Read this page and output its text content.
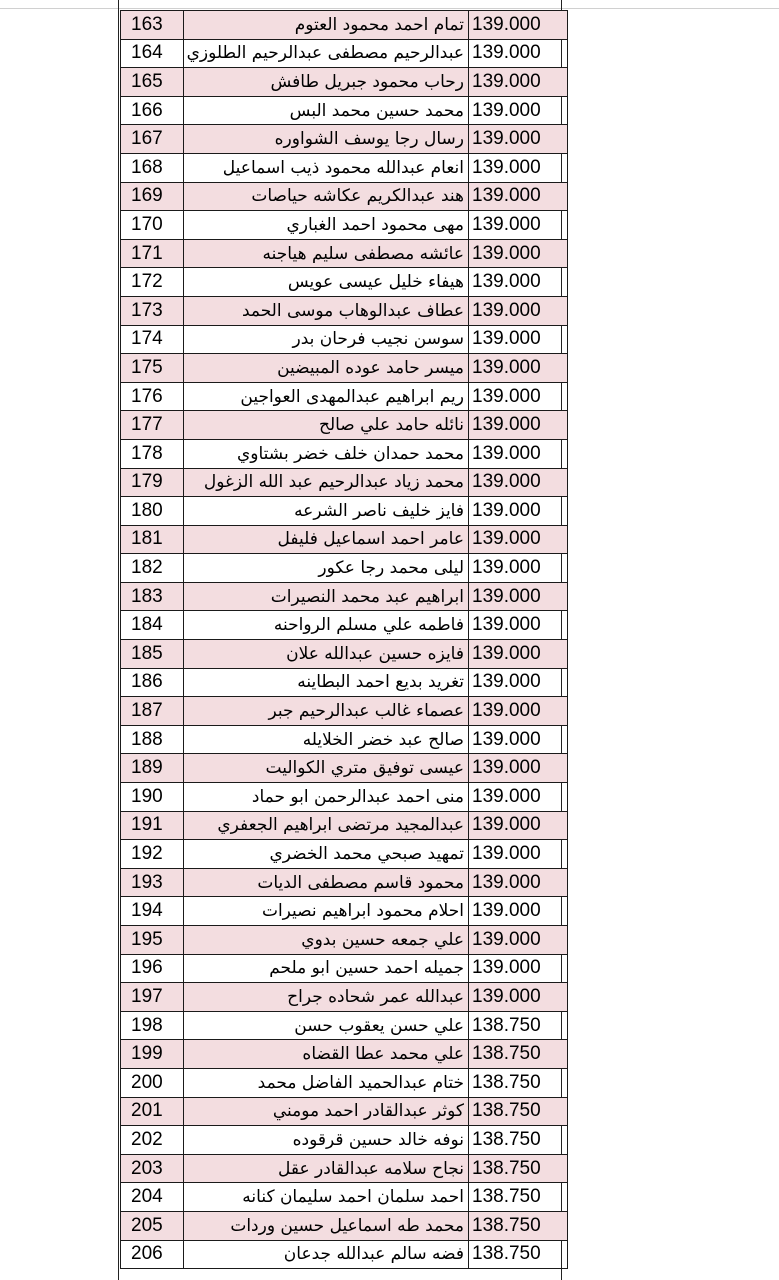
163	تمام احمد محمود العتوم	139.000
164	عبدالرحيم مصطفى عبدالرحيم الطلوزي	139.000
165	رحاب محمود جبريل طافش	139.000
166	محمد حسين محمد البس	139.000
167	رسال رجا يوسف الشواوره	139.000
168	انعام عبدالله محمود ذيب اسماعيل	139.000
169	هند عبدالكريم عكاشه حياصات	139.000
170	مهى محمود احمد الغباري	139.000
171	عائشه مصطفى سليم هياجنه	139.000
172	هيفاء خليل عيسى عويس	139.000
173	عطاف عبدالوهاب موسى الحمد	139.000
174	سوسن نجيب فرحان بدر	139.000
175	ميسر حامد عوده المبيضين	139.000
176	ريم ابراهيم عبدالمهدى العواجين	139.000
177	نائله حامد علي صالح	139.000
178	محمد حمدان خلف خضر بشتاوي	139.000
179	محمد زياد عبدالرحيم عبد الله الزغول	139.000
180	فايز خليف ناصر الشرعه	139.000
181	عامر احمد اسماعيل فليفل	139.000
182	ليلى محمد رجا عكور	139.000
183	ابراهيم عبد محمد النصيرات	139.000
184	فاطمه علي مسلم الرواحنه	139.000
185	فايزه حسين عبدالله علان	139.000
186	تغريد بديع احمد البطاينه	139.000
187	عصماء غالب عبدالرحيم جبر	139.000
188	صالح عبد خضر الخلايله	139.000
189	عيسى توفيق متري الكواليت	139.000
190	منى احمد عبدالرحمن ابو حماد	139.000
191	عبدالمجيد مرتضى ابراهيم الجعفري	139.000
192	تمهيد صبحي محمد الخضري	139.000
193	محمود قاسم مصطفى الديات	139.000
194	احلام محمود ابراهيم نصيرات	139.000
195	علي جمعه حسين بدوي	139.000
196	جميله احمد حسين ابو ملحم	139.000
197	عبدالله عمر شحاده جراح	139.000
198	علي حسن يعقوب حسن	138.750
199	علي محمد عطا القضاه	138.750
200	ختام عبدالحميد الفاضل محمد	138.750
201	كوثر عبدالقادر احمد مومني	138.750
202	نوفه خالد حسين قرقوده	138.750
203	نجاح سلامه عبدالقادر عقل	138.750
204	احمد سلمان احمد سليمان كنانه	138.750
205	محمد طه اسماعيل حسين وردات	138.750
206	فضه سالم عبدالله جدعان	138.750
